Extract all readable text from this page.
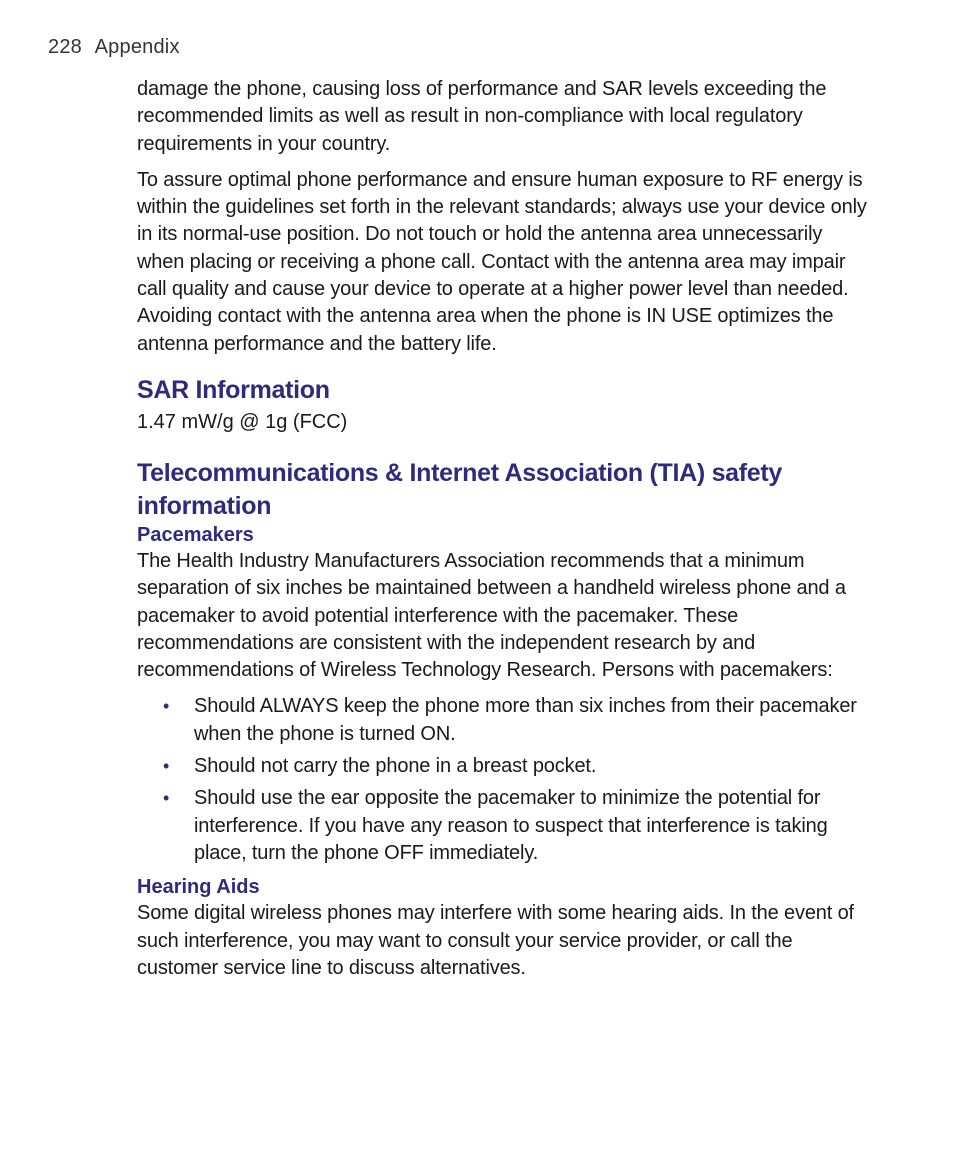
228 Appendix

damage the phone, causing loss of performance and SAR levels exceeding the recommended limits as well as result in non-compliance with local regulatory requirements in your country.

To assure optimal phone performance and ensure human exposure to RF energy is within the guidelines set forth in the relevant standards; always use your device only in its normal-use position. Do not touch or hold the antenna area unnecessarily when placing or receiving a phone call. Contact with the antenna area may impair call quality and cause your device to operate at a higher power level than needed. Avoiding contact with the antenna area when the phone is IN USE optimizes the antenna performance and the battery life.

SAR Information

1.47 mW/g @ 1g (FCC)

Telecommunications & Internet Association (TIA) safety information
Pacemakers

The Health Industry Manufacturers Association recommends that a minimum separation of six inches be maintained between a handheld wireless phone and a pacemaker to avoid potential interference with the pacemaker. These recommendations are consistent with the independent research by and recommendations of Wireless Technology Research. Persons with pacemakers:

• Should ALWAYS keep the phone more than six inches from their pacemaker when the phone is turned ON.
• Should not carry the phone in a breast pocket.
• Should use the ear opposite the pacemaker to minimize the potential for interference. If you have any reason to suspect that interference is taking place, turn the phone OFF immediately.
Hearing Aids

Some digital wireless phones may interfere with some hearing aids. In the event of such interference, you may want to consult your service provider, or call the customer service line to discuss alternatives.
